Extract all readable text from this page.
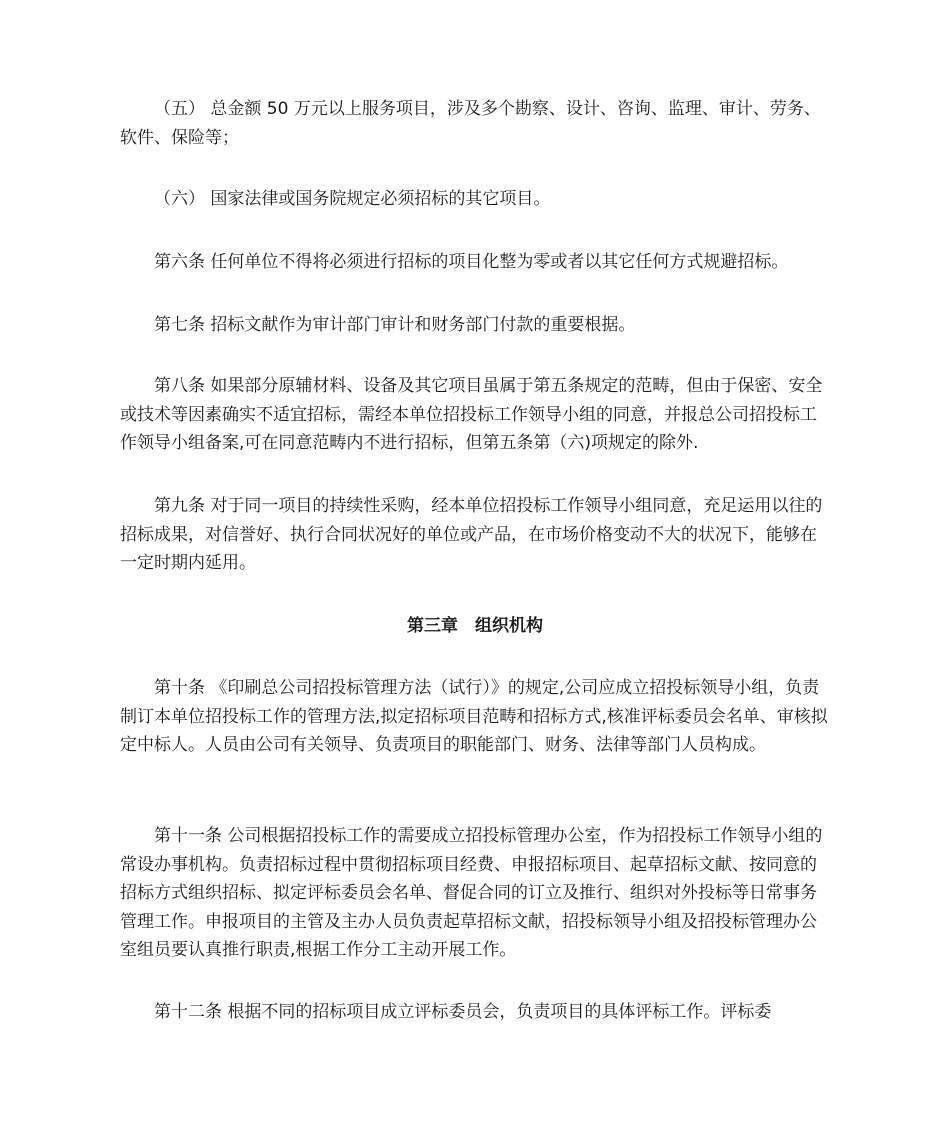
（五） 总金额 50 万元以上服务项目，涉及多个勘察、设计、咨询、监理、审计、劳务、软件、保险等；

（六） 国家法律或国务院规定必须招标的其它项目。

第六条 任何单位不得将必须进行招标的项目化整为零或者以其它任何方式规避招标。

第七条 招标文献作为审计部门审计和财务部门付款的重要根据。

第八条 如果部分原辅材料、设备及其它项目虽属于第五条规定的范畴，但由于保密、安全或技术等因素确实不适宜招标，需经本单位招投标工作领导小组的同意，并报总公司招投标工作领导小组备案,可在同意范畴内不进行招标，但第五条第（六)项规定的除外.

第九条 对于同一项目的持续性采购，经本单位招投标工作领导小组同意，充足运用以往的招标成果，对信誉好、执行合同状况好的单位或产品，在市场价格变动不大的状况下，能够在一定时期内延用。

第三章　组织机构

第十条 《印刷总公司招投标管理方法（试行）》的规定,公司应成立招投标领导小组，负责制订本单位招投标工作的管理方法,拟定招标项目范畴和招标方式,核准评标委员会名单、审核拟定中标人。人员由公司有关领导、负责项目的职能部门、财务、法律等部门人员构成。

第十一条 公司根据招投标工作的需要成立招投标管理办公室，作为招投标工作领导小组的常设办事机构。负责招标过程中贯彻招标项目经费、申报招标项目、起草招标文献、按同意的招标方式组织招标、拟定评标委员会名单、督促合同的订立及推行、组织对外投标等日常事务管理工作。申报项目的主管及主办人员负责起草招标文献，招投标领导小组及招投标管理办公室组员要认真推行职责,根据工作分工主动开展工作。

第十二条 根据不同的招标项目成立评标委员会，负责项目的具体评标工作。评标委
